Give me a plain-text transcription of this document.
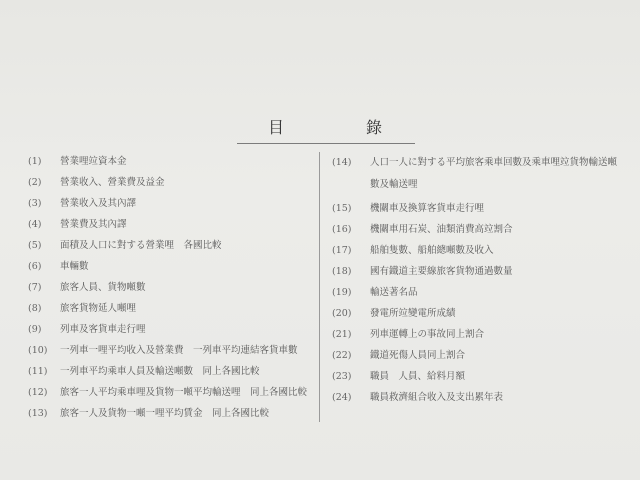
目	錄
(1) 營業哩竝資本金
(2) 營業收入、營業費及益金
(3) 營業收入及其內譯
(4) 營業費及其內譯
(5) 面積及人口に對する營業哩　各國比較
(6) 車輛數
(7) 旅客人員、貨物噸數
(8) 旅客貨物延人噸哩
(9) 列車及客貨車走行哩
(10) 一列車一哩平均收入及營業費　一列車平均連結客貨車數
(11) 一列車平均乘車人員及輸送噸數　同上各國比較
(12) 旅客一人平均乘車哩及貨物一噸平均輸送哩　同上各國比較
(13) 旅客一人及貨物一噸一哩平均賃金　同上各國比較
(14) 人口一人に對する平均旅客乘車回數及乘車哩竝貨物輸送噸
數及輸送哩
(15) 機關車及換算客貨車走行哩
(16) 機關車用石炭、油類消費高竝割合
(17) 船舶隻數、船舶總噸數及收入
(18) 國有鐵道主要線旅客貨物通過數量
(19) 輸送著名品
(20) 發電所竝變電所成績
(21) 列車運轉上の事故同上割合
(22) 鐵道死傷人員同上割合
(23) 職員　人員、給料月額
(24) 職員救濟組合收入及支出累年表
